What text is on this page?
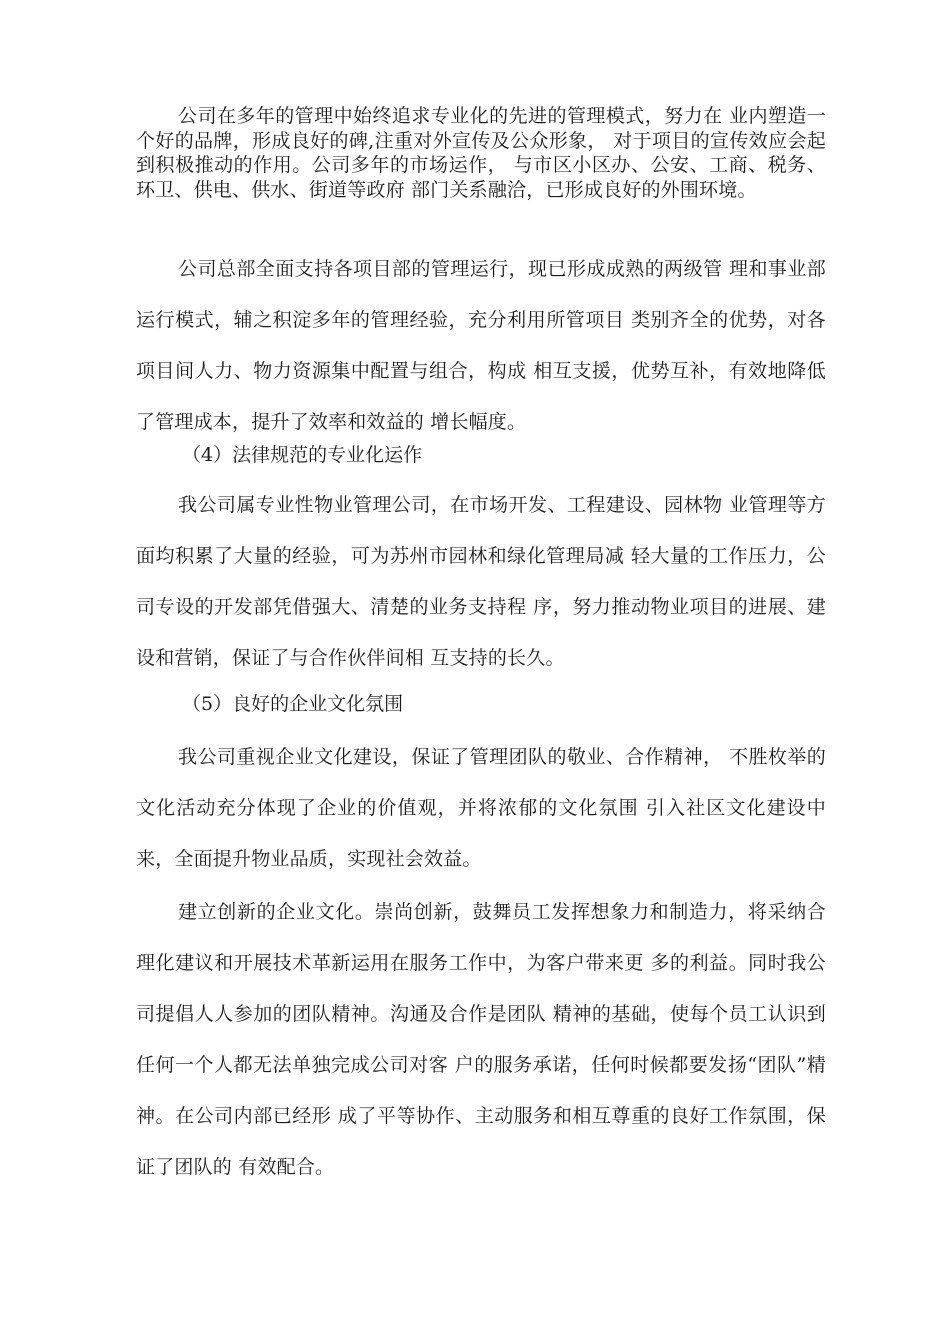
公司在多年的管理中始终追求专业化的先进的管理模式，努力在 业内塑造一个好的品牌，形成良好的碑,注重对外宣传及公众形象， 对于项目的宣传效应会起到积极推动的作用。公司多年的市场运作， 与市区小区办、公安、工商、税务、环卫、供电、供水、街道等政府 部门关系融洽，已形成良好的外围环境。

公司总部全面支持各项目部的管理运行，现已形成成熟的两级管 理和事业部运行模式，辅之积淀多年的管理经验，充分利用所管项目 类别齐全的优势，对各项目间人力、物力资源集中配置与组合，构成 相互支援，优势互补，有效地降低了管理成本，提升了效率和效益的 增长幅度。

（4）法律规范的专业化运作

我公司属专业性物业管理公司，在市场开发、工程建设、园林物 业管理等方面均积累了大量的经验，可为苏州市园林和绿化管理局减 轻大量的工作压力，公司专设的开发部凭借强大、清楚的业务支持程 序，努力推动物业项目的进展、建设和营销，保证了与合作伙伴间相 互支持的长久。

（5）良好的企业文化氛围

我公司重视企业文化建设，保证了管理团队的敬业、合作精神， 不胜枚举的文化活动充分体现了企业的价值观，并将浓郁的文化氛围 引入社区文化建设中来，全面提升物业品质，实现社会效益。

建立创新的企业文化。崇尚创新，鼓舞员工发挥想象力和制造力，将采纳合理化建议和开展技术革新运用在服务工作中，为客户带来更 多的利益。同时我公司提倡人人参加的团队精神。沟通及合作是团队 精神的基础，使每个员工认识到任何一个人都无法单独完成公司对客 户的服务承诺，任何时候都要发扬“团队”精神。在公司内部已经形 成了平等协作、主动服务和相互尊重的良好工作氛围，保证了团队的 有效配合。
